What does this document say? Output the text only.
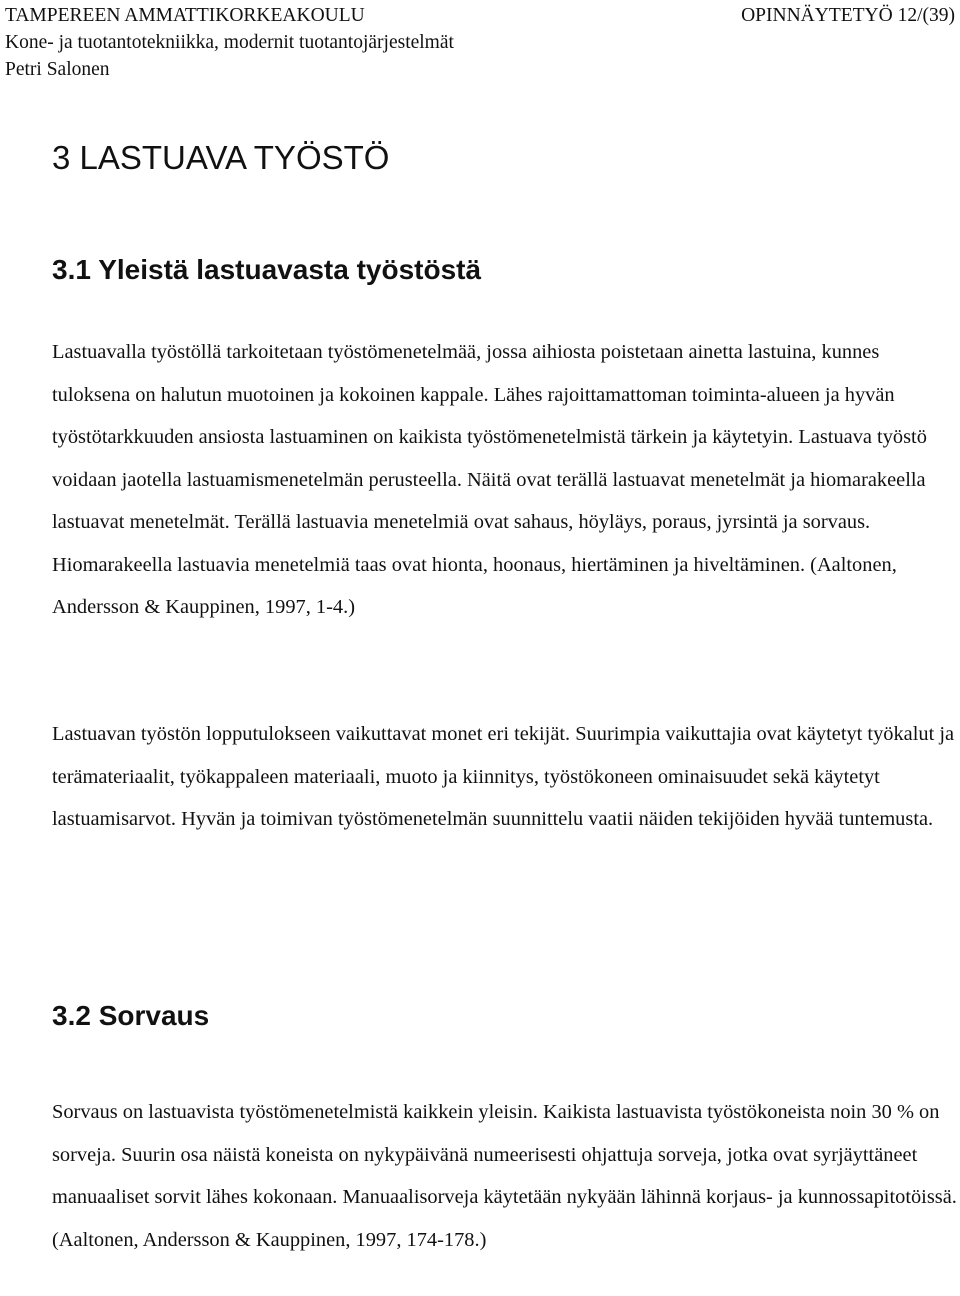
TAMPEREEN AMMATTIKORKEAKOULU	OPINNÄYTETYÖ 12/(39)
Kone- ja tuotantotekniikka, modernit tuotantojärjestelmät
Petri Salonen
3 LASTUAVA TYÖSTÖ
3.1 Yleistä lastuavasta työstöstä

Lastuavalla työstöllä tarkoitetaan työstömenetelmää, jossa aihiosta poistetaan ainetta lastuina, kunnes tuloksena on halutun muotoinen ja kokoinen kappale. Lähes rajoittamattoman toiminta-alueen ja hyvän työstötarkkuuden ansiosta lastuaminen on kaikista työstömenetelmistä tärkein ja käytetyin. Lastuava työstö voidaan jaotella lastuamismenetelmän perusteella. Näitä ovat terällä lastuavat menetelmät ja hiomarakeella lastuavat menetelmät. Terällä lastuavia menetelmiä ovat sahaus, höyläys, poraus, jyrsintä ja sorvaus. Hiomarakeella lastuavia menetelmiä taas ovat hionta, hoonaus, hiertäminen ja hiveltäminen. (Aaltonen, Andersson & Kauppinen, 1997, 1-4.)

Lastuavan työstön lopputulokseen vaikuttavat monet eri tekijät. Suurimpia vaikuttajia ovat käytetyt työkalut ja terämateriaalit, työkappaleen materiaali, muoto ja kiinnitys, työstökoneen ominaisuudet sekä käytetyt lastuamisarvot. Hyvän ja toimivan työstömenetelmän suunnittelu vaatii näiden tekijöiden hyvää tuntemusta.

3.2 Sorvaus

Sorvaus on lastuavista työstömenetelmistä kaikkein yleisin. Kaikista lastuavista työstökoneista noin 30 % on sorveja. Suurin osa näistä koneista on nykypäivänä numeerisesti ohjattuja sorveja, jotka ovat syrjäyttäneet manuaaliset sorvit lähes kokonaan. Manuaalisorveja käytetään nykyään lähinnä korjaus- ja kunnossapitotöissä. (Aaltonen, Andersson & Kauppinen, 1997, 174-178.)
